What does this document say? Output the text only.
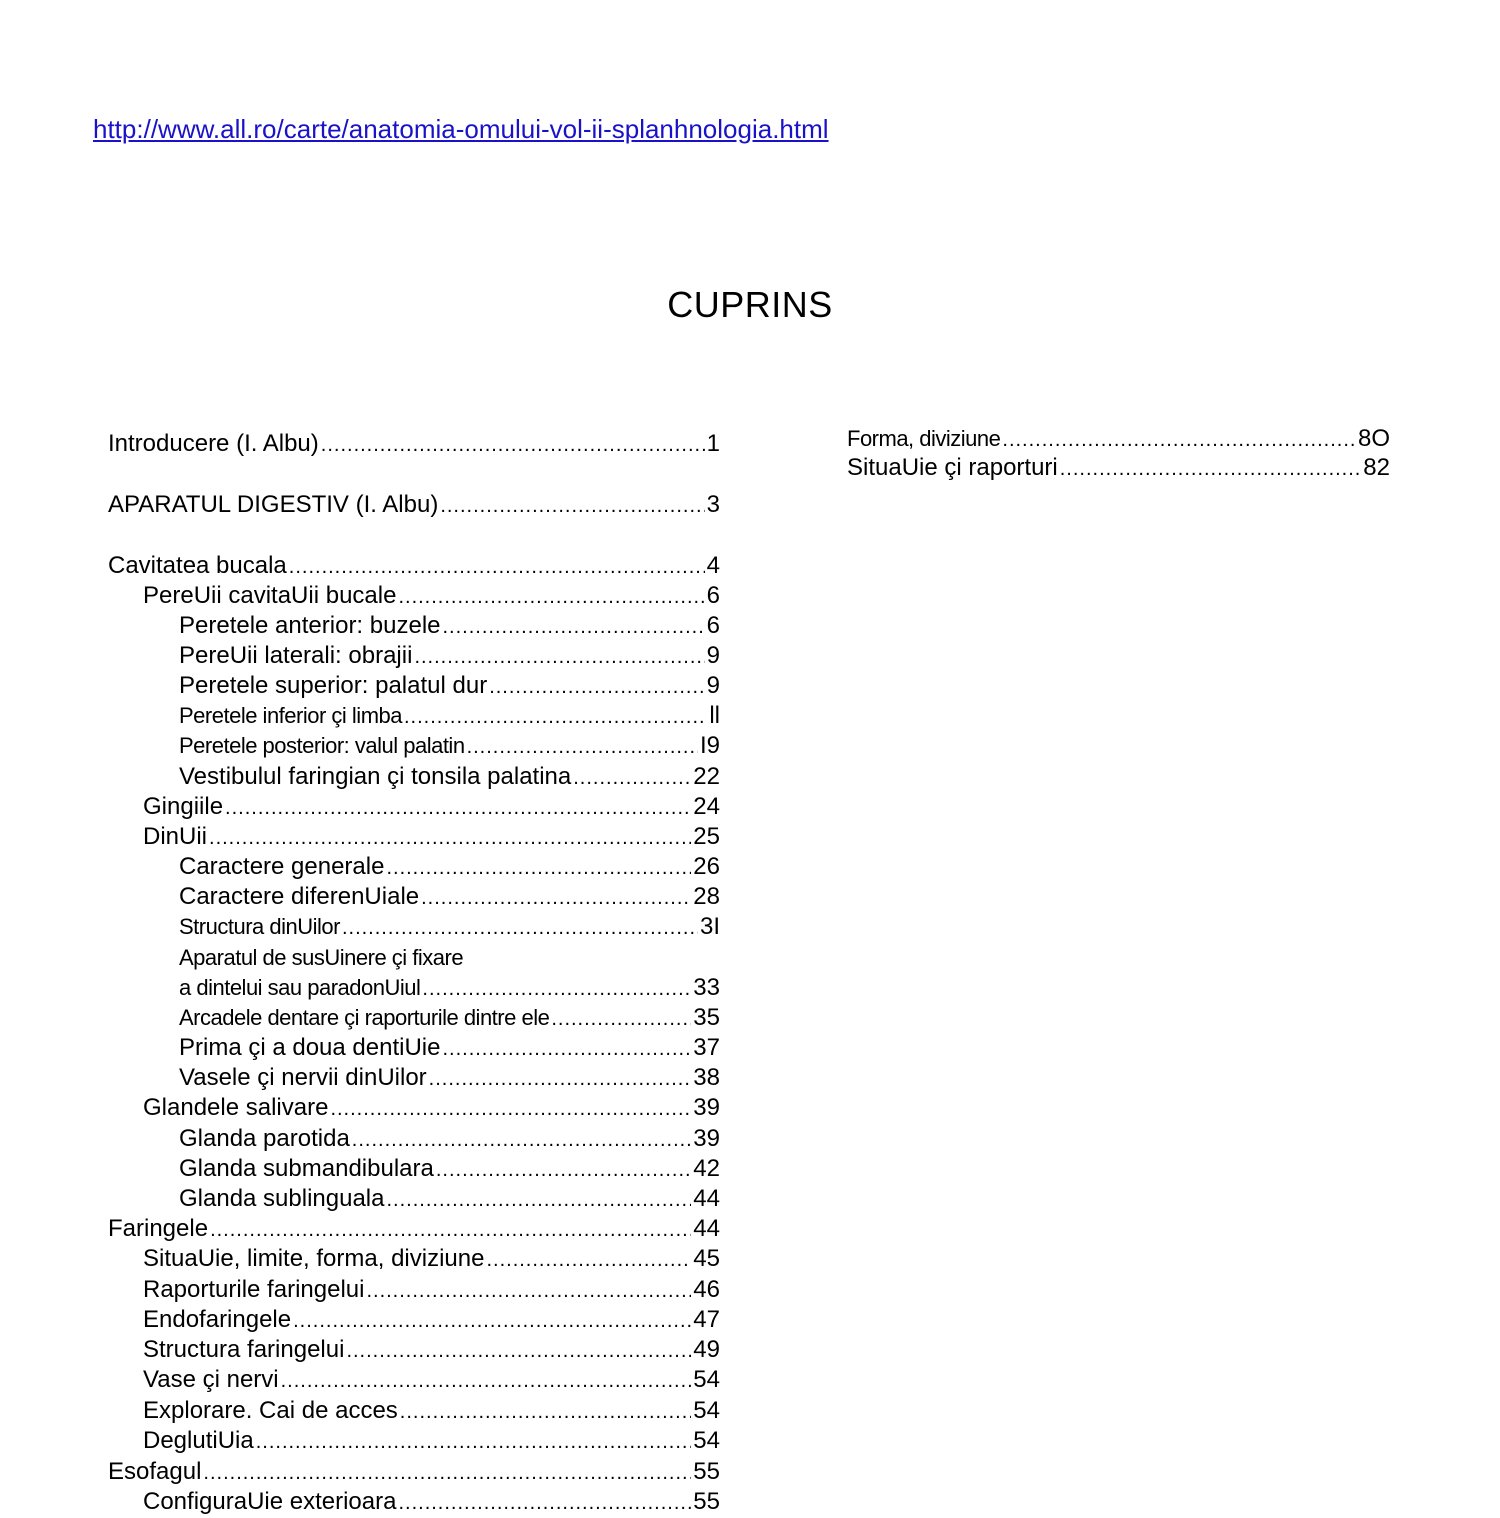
http://www.all.ro/carte/anatomia-omului-vol-ii-splanhnologia.html
CUPRINS
Introducere (I. Albu) .....	1
APARATUL DIGESTIV (I. Albu) .....	3
Cavitatea bucala .....	4
PereUii cavitaUii bucale .....	6
Peretele anterior: buzele .....	6
PereUii laterali: obrajii .....	9
Peretele superior: palatul dur .....	9
Peretele inferior çi limba .....	ll
Peretele posterior: valul palatin .....	I9
Vestibulul faringian çi tonsila palatina .....	22
Gingiile .....	24
DinUii .....	25
Caractere generale .....	26
Caractere diferenUiale .....	28
Structura dinUilor .....	3I
Aparatul de susUinere çi fixare
a dintelui sau paradonUiul .....	33
Arcadele dentare çi raporturile dintre ele .....	35
Prima çi a doua dentiUie .....	37
Vasele çi nervii dinUilor .....	38
Glandele salivare .....	39
Glanda parotida .....	39
Glanda submandibulara .....	42
Glanda sublinguala .....	44
Faringele .....	44
SituaUie, limite, forma, diviziune .....	45
Raporturile faringelui .....	46
Endofaringele .....	47
Structura faringelui .....	49
Vase çi nervi .....	54
Explorare. Cai de acces .....	54
DeglutiUia .....	54
Esofagul .....	55
ConfiguraUie exterioara .....	55
Forma, diviziune .....	8O
SituaUie çi raporturi .....	82
